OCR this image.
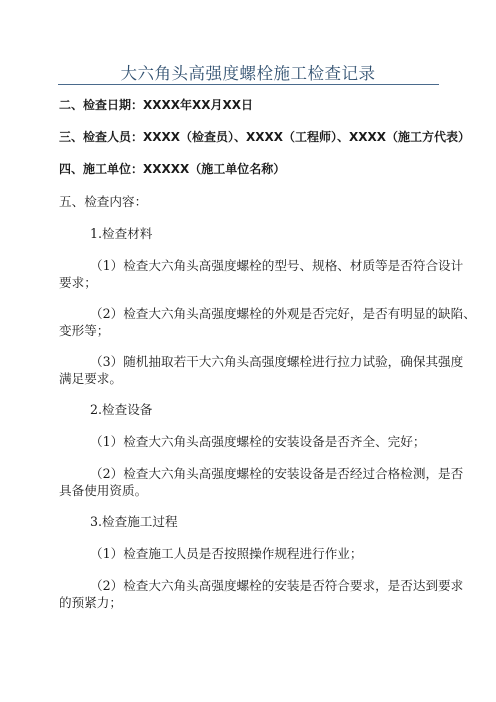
大六角头高强度螺栓施工检查记录
二、检查日期：XXXX年XX月XX日
三、检查人员：XXXX（检查员）、XXXX（工程师）、XXXX（施工方代表）
四、施工单位：XXXXX（施工单位名称）
五、检查内容：
1.检查材料
（1）检查大六角头高强度螺栓的型号、规格、材质等是否符合设计
要求；
（2）检查大六角头高强度螺栓的外观是否完好，是否有明显的缺陷、
变形等；
（3）随机抽取若干大六角头高强度螺栓进行拉力试验，确保其强度
满足要求。
2.检查设备
（1）检查大六角头高强度螺栓的安装设备是否齐全、完好；
（2）检查大六角头高强度螺栓的安装设备是否经过合格检测，是否
具备使用资质。
3.检查施工过程
（1）检查施工人员是否按照操作规程进行作业；
（2）检查大六角头高强度螺栓的安装是否符合要求，是否达到要求
的预紧力；
